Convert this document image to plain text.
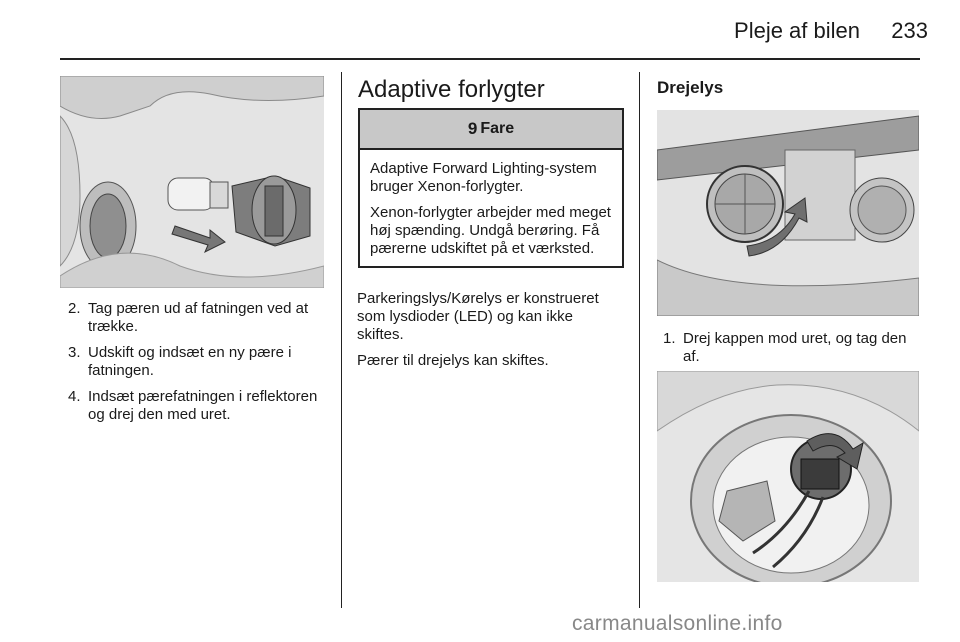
Pleje af bilen	233
2. Tag pæren ud af fatningen ved at trække.
3. Udskift og indsæt en ny pære i fatningen.
4. Indsæt pærefatningen i reflektoren og drej den med uret.
Adaptive forlygter
9 Fare

Adaptive Forward Lighting-system bruger Xenon-forlygter.

Xenon-forlygter arbejder med meget høj spænding. Undgå berøring. Få pærerne udskiftet på et værksted.

Parkeringslys/Kørelys er konstrueret som lysdioder (LED) og kan ikke skiftes.

Pærer til drejelys kan skiftes.

Drejelys
1. Drej kappen mod uret, og tag den af.
carmanualsonline.info
